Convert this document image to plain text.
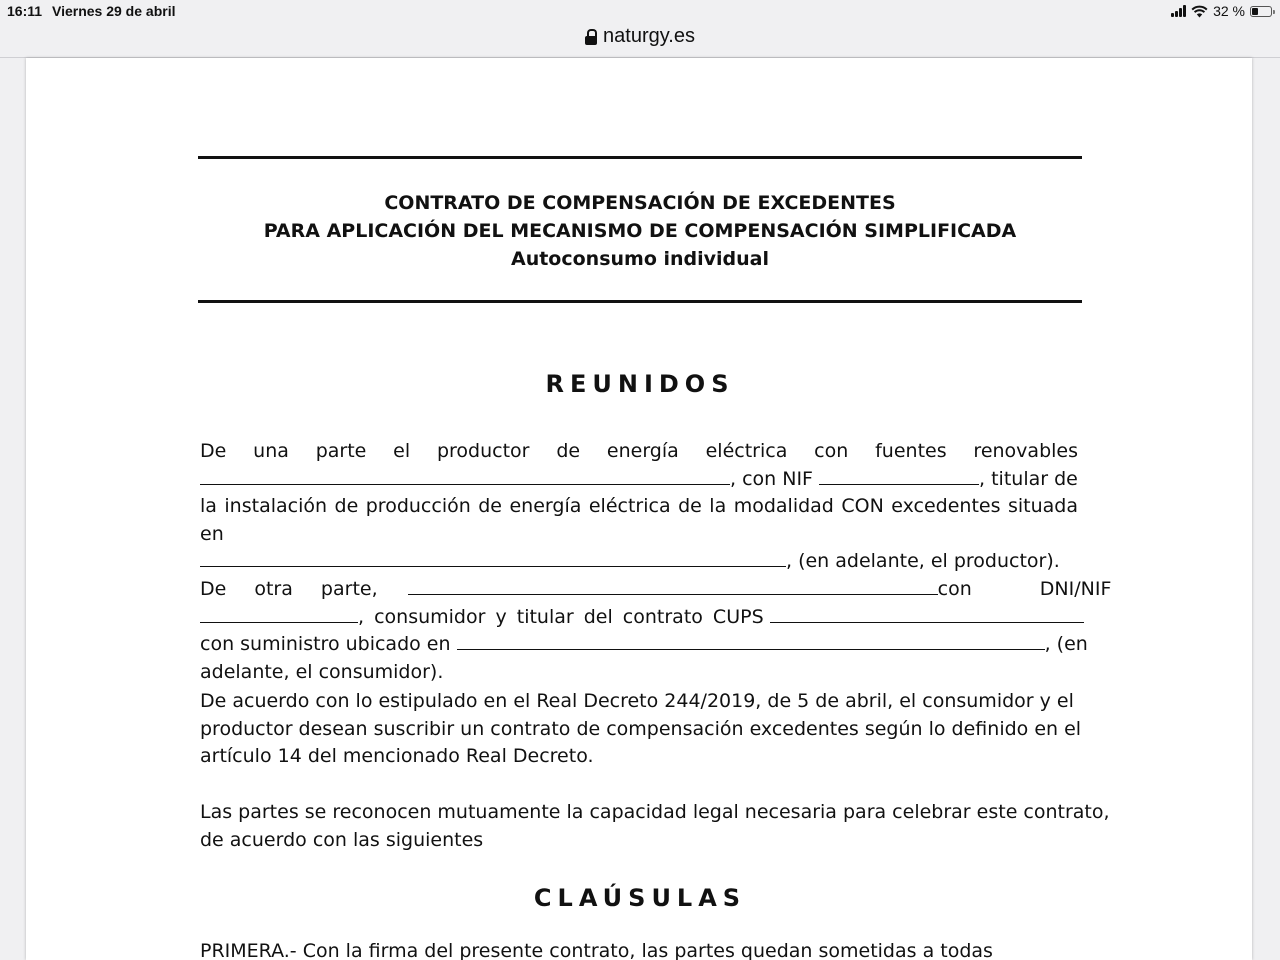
16:11 Viernes 29 de abril	32 %
naturgy.es
CONTRATO DE COMPENSACIÓN DE EXCEDENTES
PARA APLICACIÓN DEL MECANISMO DE COMPENSACIÓN SIMPLIFICADA
Autoconsumo individual
REUNIDOS
De una parte el productor de energía eléctrica con fuentes renovables
, con NIF	, titular de
la instalación de producción de energía eléctrica de la modalidad CON excedentes situada en
, (en adelante, el productor).
De otra parte,	con DNI/NIF
, consumidor y titular del contrato CUPS
con suministro ubicado en	, (en
adelante, el consumidor).
De acuerdo con lo estipulado en el Real Decreto 244/2019, de 5 de abril, el consumidor y el
productor desean suscribir un contrato de compensación excedentes según lo definido en el
artículo 14 del mencionado Real Decreto.
Las partes se reconocen mutuamente la capacidad legal necesaria para celebrar este contrato,
de acuerdo con las siguientes
CLAÚSULAS
PRIMERA.- Con la firma del presente contrato, las partes quedan sometidas a todas
